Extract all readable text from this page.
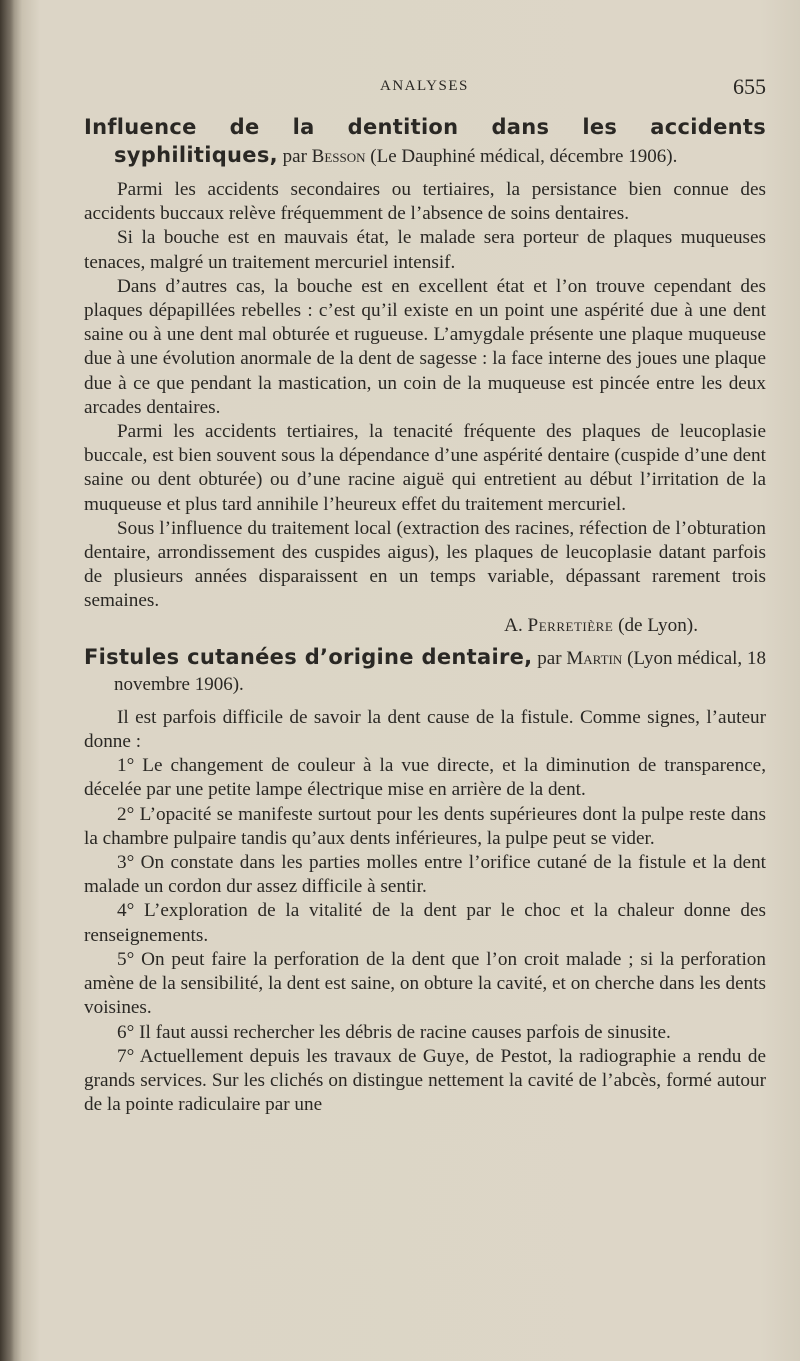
ANALYSES	655

Influence de la dentition dans les accidents syphilitiques, par Besson (Le Dauphiné médical, décembre 1906).

Parmi les accidents secondaires ou tertiaires, la persistance bien connue des accidents buccaux relève fréquemment de l’absence de soins dentaires.

Si la bouche est en mauvais état, le malade sera porteur de plaques muqueuses tenaces, malgré un traitement mercuriel intensif.

Dans d’autres cas, la bouche est en excellent état et l’on trouve cependant des plaques dépapillées rebelles : c’est qu’il existe en un point une aspérité due à une dent saine ou à une dent mal obturée et rugueuse. L’amygdale présente une plaque muqueuse due à une évolution anormale de la dent de sagesse : la face interne des joues une plaque due à ce que pendant la mastication, un coin de la muqueuse est pincée entre les deux arcades dentaires.

Parmi les accidents tertiaires, la tenacité fréquente des plaques de leucoplasie buccale, est bien souvent sous la dépendance d’une aspérité dentaire (cuspide d’une dent saine ou dent obturée) ou d’une racine aiguë qui entretient au début l’irritation de la muqueuse et plus tard annihile l’heureux effet du traitement mercuriel.

Sous l’influence du traitement local (extraction des racines, réfection de l’obturation dentaire, arrondissement des cuspides aigus), les plaques de leucoplasie datant parfois de plusieurs années disparaissent en un temps variable, dépassant rarement trois semaines.

A. Perretière (de Lyon).

Fistules cutanées d’origine dentaire, par Martin (Lyon médical, 18 novembre 1906).

Il est parfois difficile de savoir la dent cause de la fistule. Comme signes, l’auteur donne :

1° Le changement de couleur à la vue directe, et la diminution de transparence, décelée par une petite lampe électrique mise en arrière de la dent.

2° L’opacité se manifeste surtout pour les dents supérieures dont la pulpe reste dans la chambre pulpaire tandis qu’aux dents inférieures, la pulpe peut se vider.

3° On constate dans les parties molles entre l’orifice cutané de la fistule et la dent malade un cordon dur assez difficile à sentir.

4° L’exploration de la vitalité de la dent par le choc et la chaleur donne des renseignements.

5° On peut faire la perforation de la dent que l’on croit malade ; si la perforation amène de la sensibilité, la dent est saine, on obture la cavité, et on cherche dans les dents voisines.

6° Il faut aussi rechercher les débris de racine causes parfois de sinusite.

7° Actuellement depuis les travaux de Guye, de Pestot, la radiographie a rendu de grands services. Sur les clichés on distingue nettement la cavité de l’abcès, formé autour de la pointe radiculaire par une
